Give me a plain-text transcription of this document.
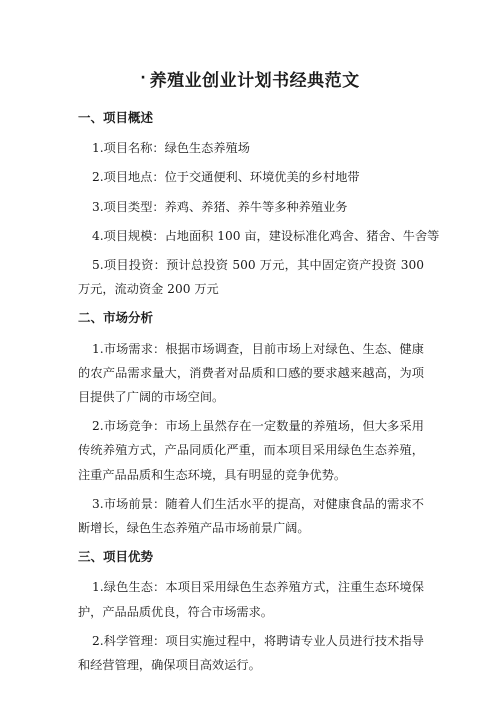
· 养殖业创业计划书经典范文
一、项目概述

1.项目名称：绿色生态养殖场

2.项目地点：位于交通便利、环境优美的乡村地带

3.项目类型：养鸡、养猪、养牛等多种养殖业务

4.项目规模：占地面积 100 亩，建设标准化鸡舍、猪舍、牛舍等

5.项目投资：预计总投资 500 万元，其中固定资产投资 300 万元，流动资金 200 万元

二、市场分析

1.市场需求：根据市场调查，目前市场上对绿色、生态、健康的农产品需求量大，消费者对品质和口感的要求越来越高，为项目提供了广阔的市场空间。

2.市场竞争：市场上虽然存在一定数量的养殖场，但大多采用传统养殖方式，产品同质化严重，而本项目采用绿色生态养殖，注重产品品质和生态环境，具有明显的竞争优势。

3.市场前景：随着人们生活水平的提高，对健康食品的需求不断增长，绿色生态养殖产品市场前景广阔。

三、项目优势

1.绿色生态：本项目采用绿色生态养殖方式，注重生态环境保护，产品品质优良，符合市场需求。

2.科学管理：项目实施过程中，将聘请专业人员进行技术指导和经营管理，确保项目高效运行。
